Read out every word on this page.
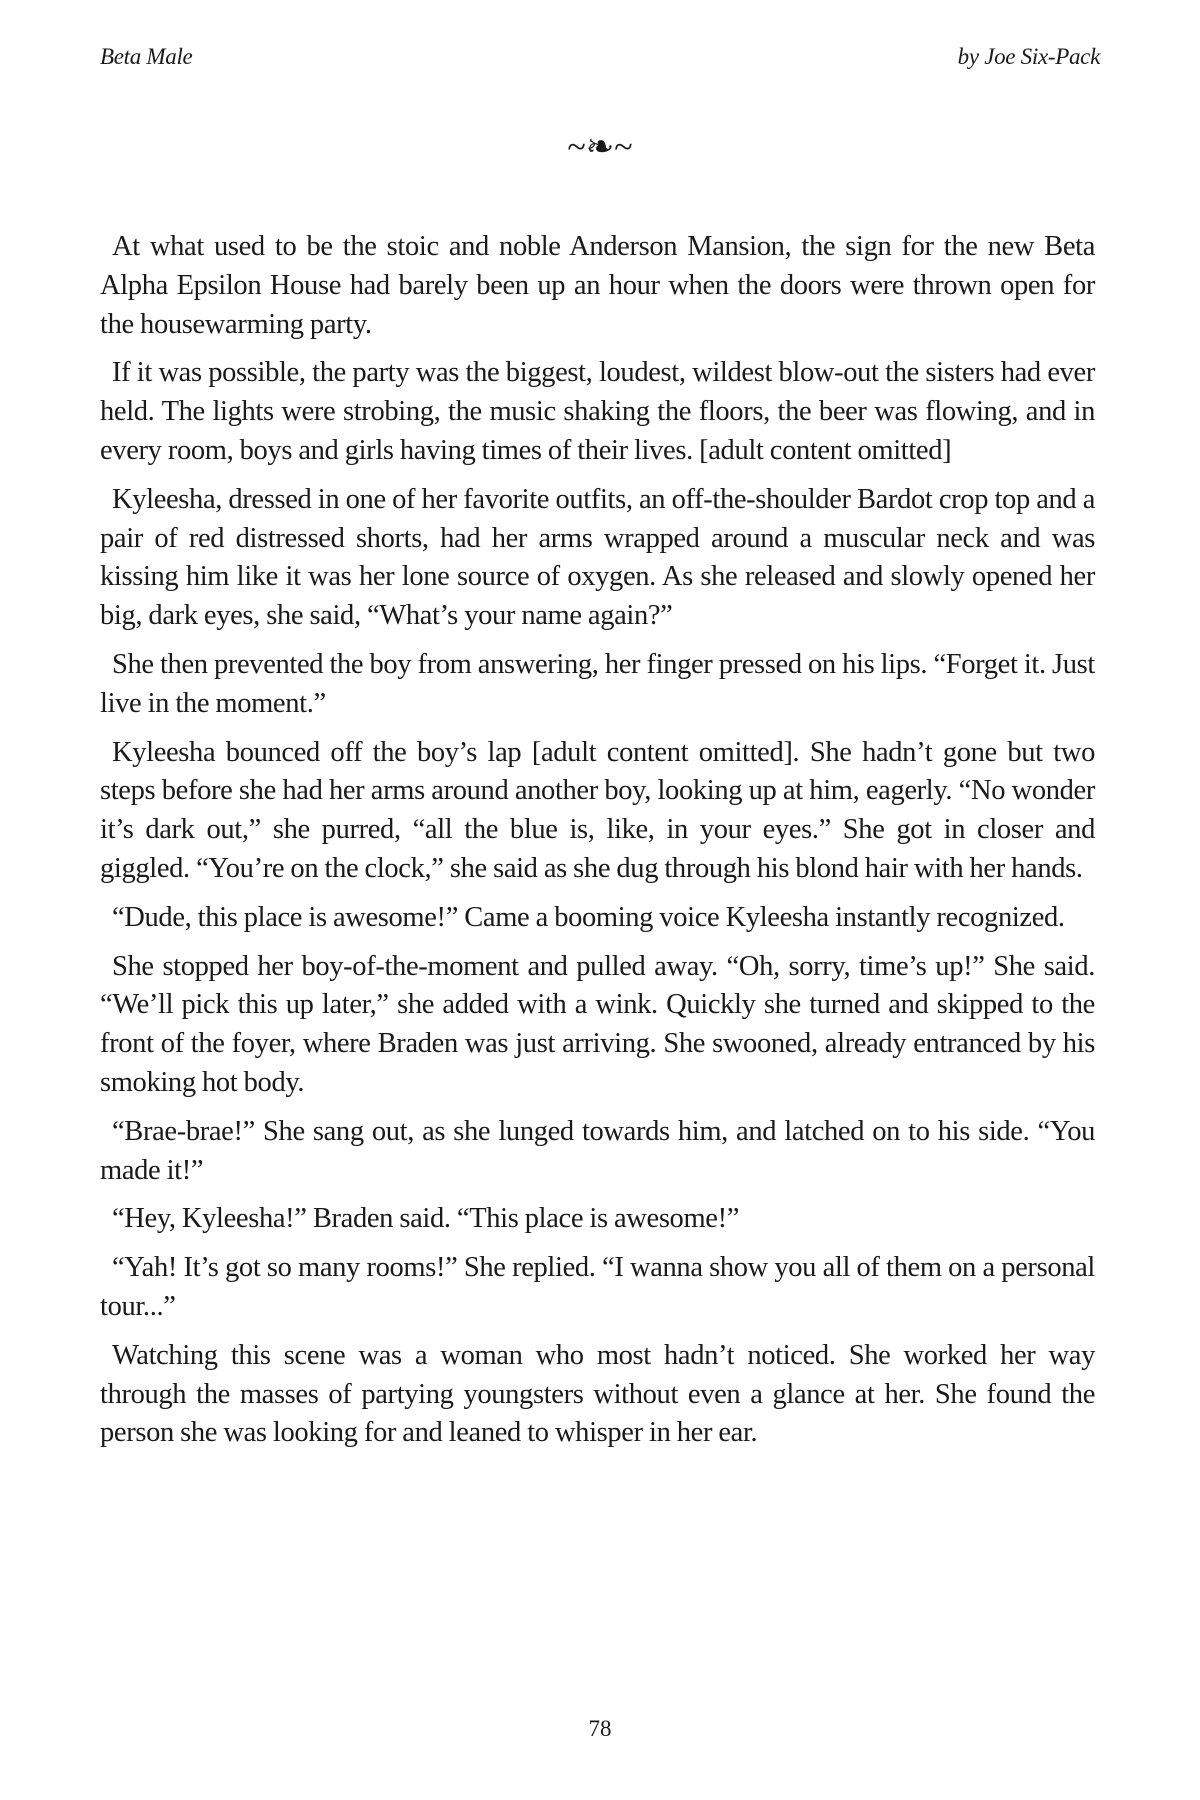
Beta Male	by Joe Six-Pack
~❧~

At what used to be the stoic and noble Anderson Mansion, the sign for the new Beta Alpha Epsilon House had barely been up an hour when the doors were thrown open for the housewarming party.

If it was possible, the party was the biggest, loudest, wildest blow-out the sisters had ever held. The lights were strobing, the music shaking the floors, the beer was flowing, and in every room, boys and girls having times of their lives. [adult content omitted]

Kyleesha, dressed in one of her favorite outfits, an off-the-shoulder Bardot crop top and a pair of red distressed shorts, had her arms wrapped around a muscular neck and was kissing him like it was her lone source of oxygen. As she released and slowly opened her big, dark eyes, she said, “What’s your name again?”

She then prevented the boy from answering, her finger pressed on his lips. “Forget it. Just live in the moment.”

Kyleesha bounced off the boy’s lap [adult content omitted]. She hadn’t gone but two steps before she had her arms around another boy, looking up at him, eagerly. “No wonder it’s dark out,” she purred, “all the blue is, like, in your eyes.” She got in closer and giggled. “You’re on the clock,” she said as she dug through his blond hair with her hands.

“Dude, this place is awesome!” Came a booming voice Kyleesha instantly recognized.

She stopped her boy-of-the-moment and pulled away. “Oh, sorry, time’s up!” She said. “We’ll pick this up later,” she added with a wink. Quickly she turned and skipped to the front of the foyer, where Braden was just arriving. She swooned, already entranced by his smoking hot body.

“Brae-brae!” She sang out, as she lunged towards him, and latched on to his side. “You made it!”

“Hey, Kyleesha!” Braden said. “This place is awesome!”

“Yah! It’s got so many rooms!” She replied. “I wanna show you all of them on a personal tour...”

Watching this scene was a woman who most hadn’t noticed. She worked her way through the masses of partying youngsters without even a glance at her. She found the person she was looking for and leaned to whisper in her ear.

78
